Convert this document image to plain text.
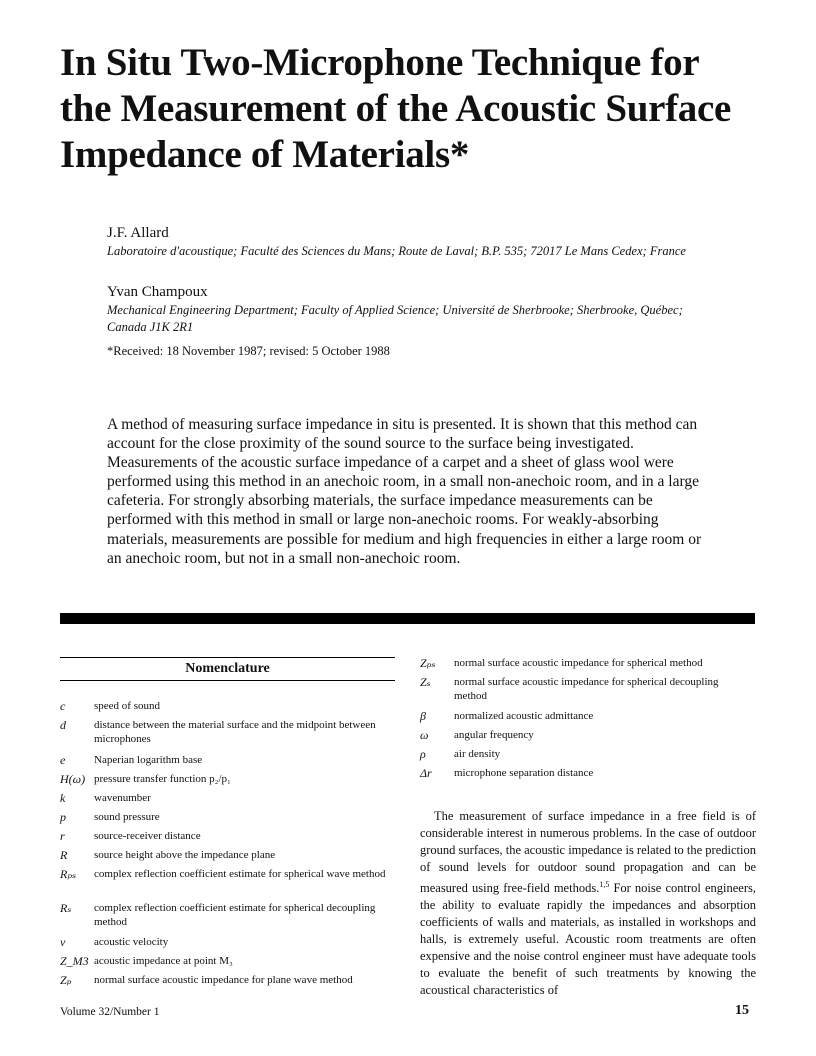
In Situ Two-Microphone Technique for
the Measurement of the Acoustic Surface
Impedance of Materials*
J.F. Allard
Laboratoire d'acoustique; Faculté des Sciences du Mans; Route de Laval; B.P. 535; 72017 Le Mans Cedex; France
Yvan Champoux
Mechanical Engineering Department; Faculty of Applied Science; Université de Sherbrooke; Sherbrooke, Québec; Canada J1K 2R1
*Received: 18 November 1987; revised: 5 October 1988
A method of measuring surface impedance in situ is presented. It is shown that this method can account for the close proximity of the sound source to the surface being investigated. Measurements of the acoustic surface impedance of a carpet and a sheet of glass wool were performed using this method in an anechoic room, in a small non-anechoic room, and in a large cafeteria. For strongly absorbing materials, the surface impedance measurements can be performed with this method in small or large non-anechoic rooms. For weakly-absorbing materials, measurements are possible for medium and high frequencies in either a large room or an anechoic room, but not in a small non-anechoic room.
Nomenclature
c	speed of sound
d	distance between the material surface and the midpoint between microphones
e	Naperian logarithm base
H(ω) pressure transfer function p₂/p₁
k	wavenumber
p	sound pressure
r	source-receiver distance
R	source height above the impedance plane
Rₚₛ	complex reflection coefficient estimate for spherical wave method
Rₛ	complex reflection coefficient estimate for spherical decoupling method
v	acoustic velocity
Z_M3 acoustic impedance at point M₃
Zₚ	normal surface acoustic impedance for plane wave method
Zₚₛ	normal surface acoustic impedance for spherical method
Zₛ	normal surface acoustic impedance for spherical decoupling method
β	normalized acoustic admittance
ω	angular frequency
ρ	air density
Δr	microphone separation distance

The measurement of surface impedance in a free field is of considerable interest in numerous problems. In the case of outdoor ground surfaces, the acoustic impedance is related to the prediction of sound levels for outdoor sound propagation and can be measured using free-field methods.$^{1,5}$ For noise control engineers, the ability to evaluate rapidly the impedances and absorption coefficients of walls and materials, as installed in workshops and halls, is extremely useful. Acoustic room treatments are often expensive and the noise control engineer must have adequate tools to evaluate the benefit of such treatments by knowing the acoustical characteristics of

Volume 32/Number 1	15
